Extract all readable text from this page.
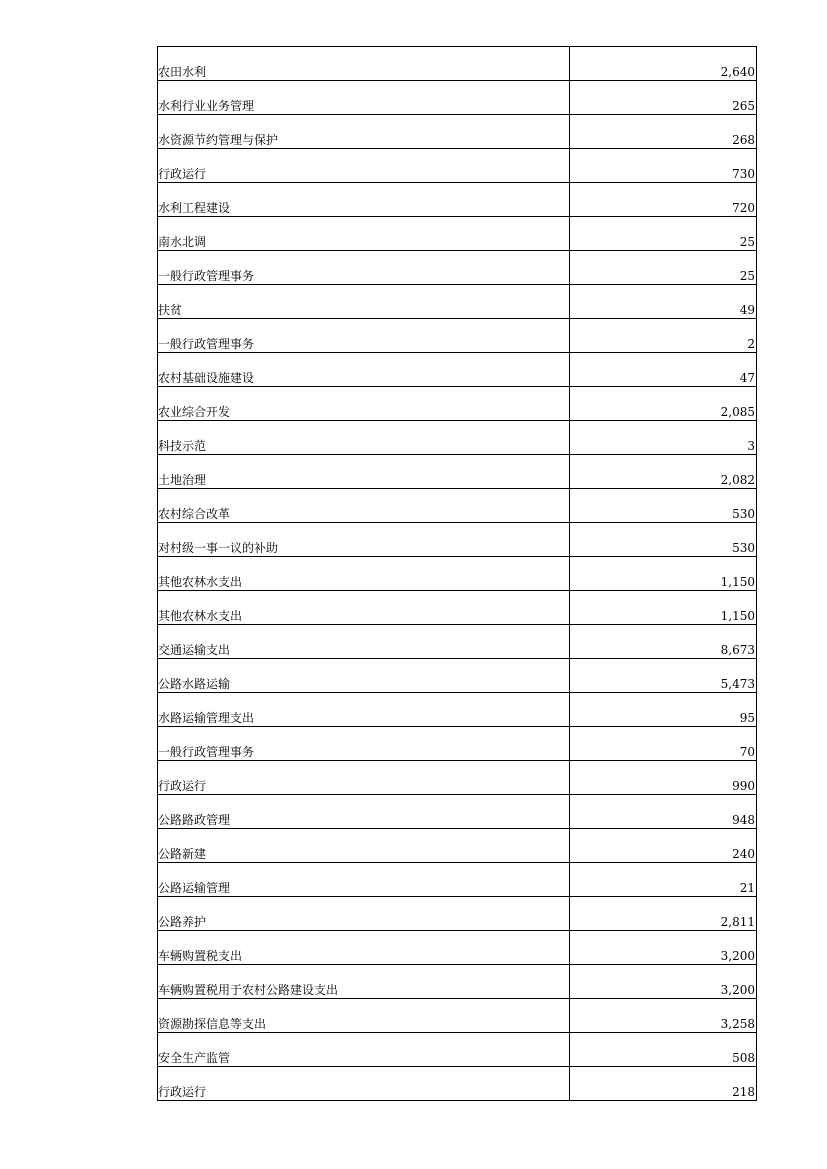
农田水利	2,640
水利行业业务管理	265
水资源节约管理与保护	268
行政运行	730
水利工程建设	720
南水北调	25
一般行政管理事务	25
扶贫	49
一般行政管理事务	2
农村基础设施建设	47
农业综合开发	2,085
科技示范	3
土地治理	2,082
农村综合改革	530
对村级一事一议的补助	530
其他农林水支出	1,150
其他农林水支出	1,150
交通运输支出	8,673
公路水路运输	5,473
水路运输管理支出	95
一般行政管理事务	70
行政运行	990
公路路政管理	948
公路新建	240
公路运输管理	21
公路养护	2,811
车辆购置税支出	3,200
车辆购置税用于农村公路建设支出	3,200
资源勘探信息等支出	3,258
安全生产监管	508
行政运行	218
